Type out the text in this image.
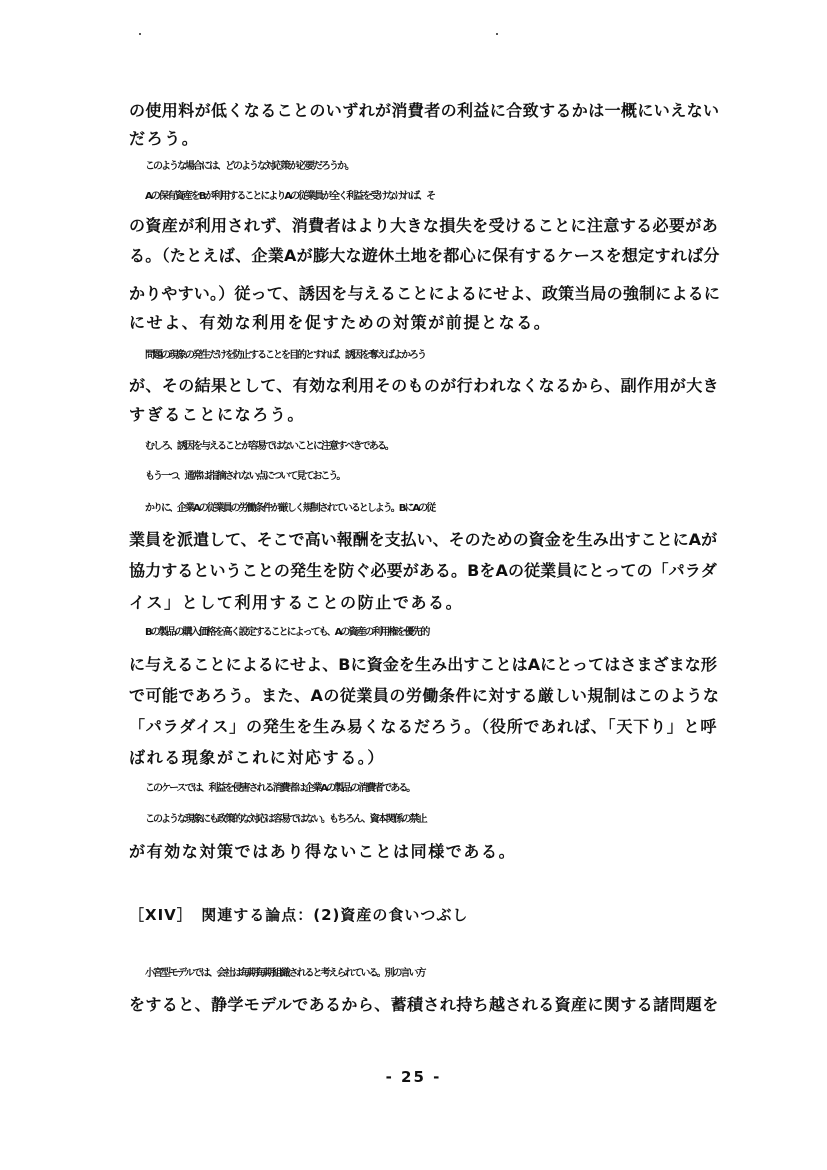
の使用料が低くなることのいずれが消費者の利益に合致するかは一概にいえない
だろう。
このような場合には、どのような対応策が必要だろうか。
Aの保有資産をBが利用することによりAの従業員が全く利益を受けなければ、そ
の資産が利用されず、消費者はより大きな損失を受けることに注意する必要があ
る。（たとえば、企業Aが膨大な遊休土地を都心に保有するケースを想定すれば分
かりやすい。）従って、誘因を与えることによるにせよ、政策当局の強制によるに
にせよ、有効な利用を促すための対策が前提となる。
問題の現象の発生だけを防止することを目的とすれば、誘因を奪えばよかろう
が、その結果として、有効な利用そのものが行われなくなるから、副作用が大き
すぎることになろう。
むしろ、誘因を与えることが容易ではないことに注意すべきである。
もう一つ、通常は指摘されない点について見ておこう。
かりに、企業Aの従業員の労働条件が厳しく規制されているとしよう。BにAの従
業員を派遣して、そこで高い報酬を支払い、そのための資金を生み出すことにAが
協力するということの発生を防ぐ必要がある。BをAの従業員にとっての「パラダ
イス」として利用することの防止である。
Bの製品の購入価格を高く設定することによっても、Aの資産の利用権を優先的
に与えることによるにせよ、Bに資金を生み出すことはAにとってはさまざまな形
で可能であろう。また、Aの従業員の労働条件に対する厳しい規制はこのような
「パラダイス」の発生を生み易くなるだろう。（役所であれば、「天下り」と呼
ばれる現象がこれに対応する。）
このケースでは、利益を侵害される消費者は企業Aの製品の消費者である。
このような現象にも政策的な対応は容易ではない。もちろん、資本関係の禁止
が有効な対策ではあり得ないことは同様である。
［XIV］　関連する論点：(2)資産の食いつぶし
小宮型モデルでは、会社は毎期毎期組織されると考えられている。別の言い方
をすると、静学モデルであるから、蓄積され持ち越される資産に関する諸問題を
- 25 -
